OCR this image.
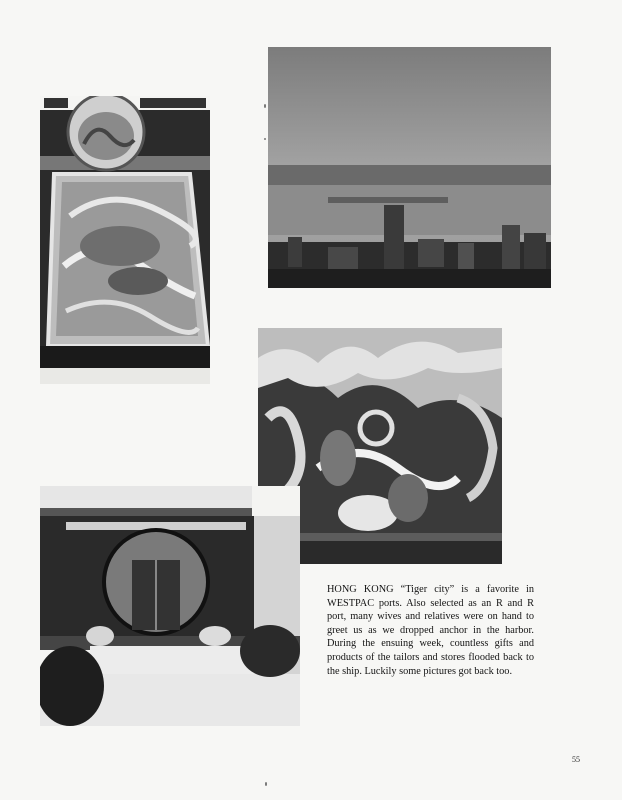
HONG KONG “Tiger city” is a favorite in WESTPAC ports. Also selected as an R and R port, many wives and relatives were on hand to greet us as we dropped anchor in the harbor. During the ensuing week, countless gifts and products of the tailors and stores flooded back to the ship. Luckily some pictures got back too.

55
